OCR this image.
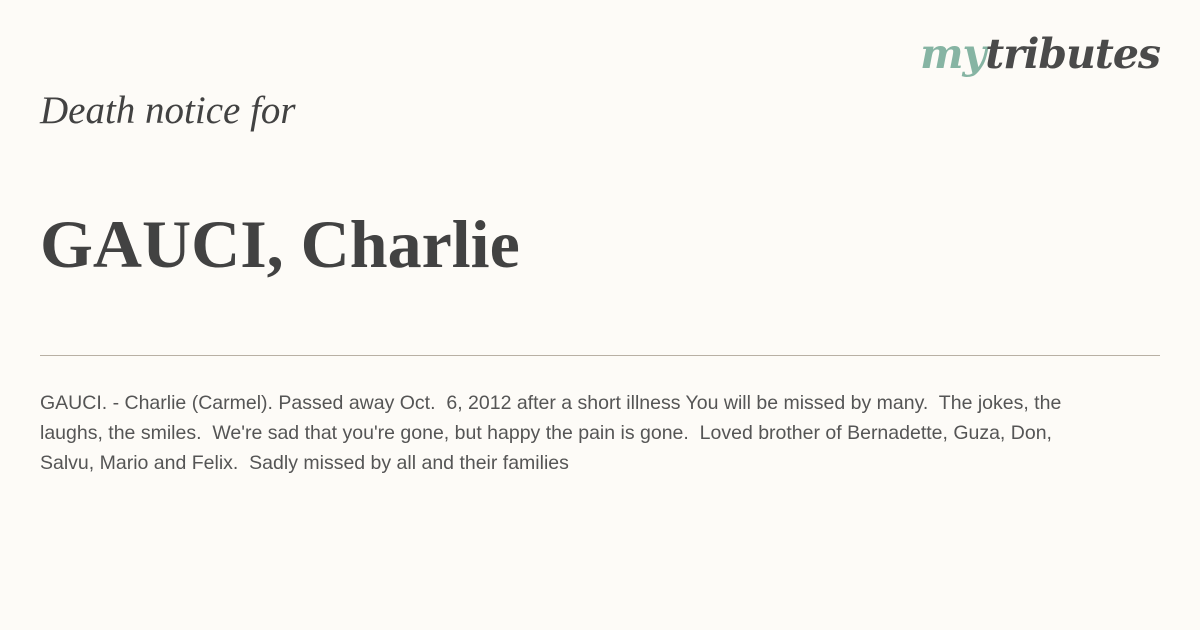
mytributes
Death notice for
GAUCI, Charlie

GAUCI. - Charlie (Carmel). Passed away Oct.  6, 2012 after a short illness You will be missed by many.  The jokes, the laughs, the smiles.  We're sad that you're gone, but happy the pain is gone.  Loved brother of Bernadette, Guza, Don, Salvu, Mario and Felix.  Sadly missed by all and their families
